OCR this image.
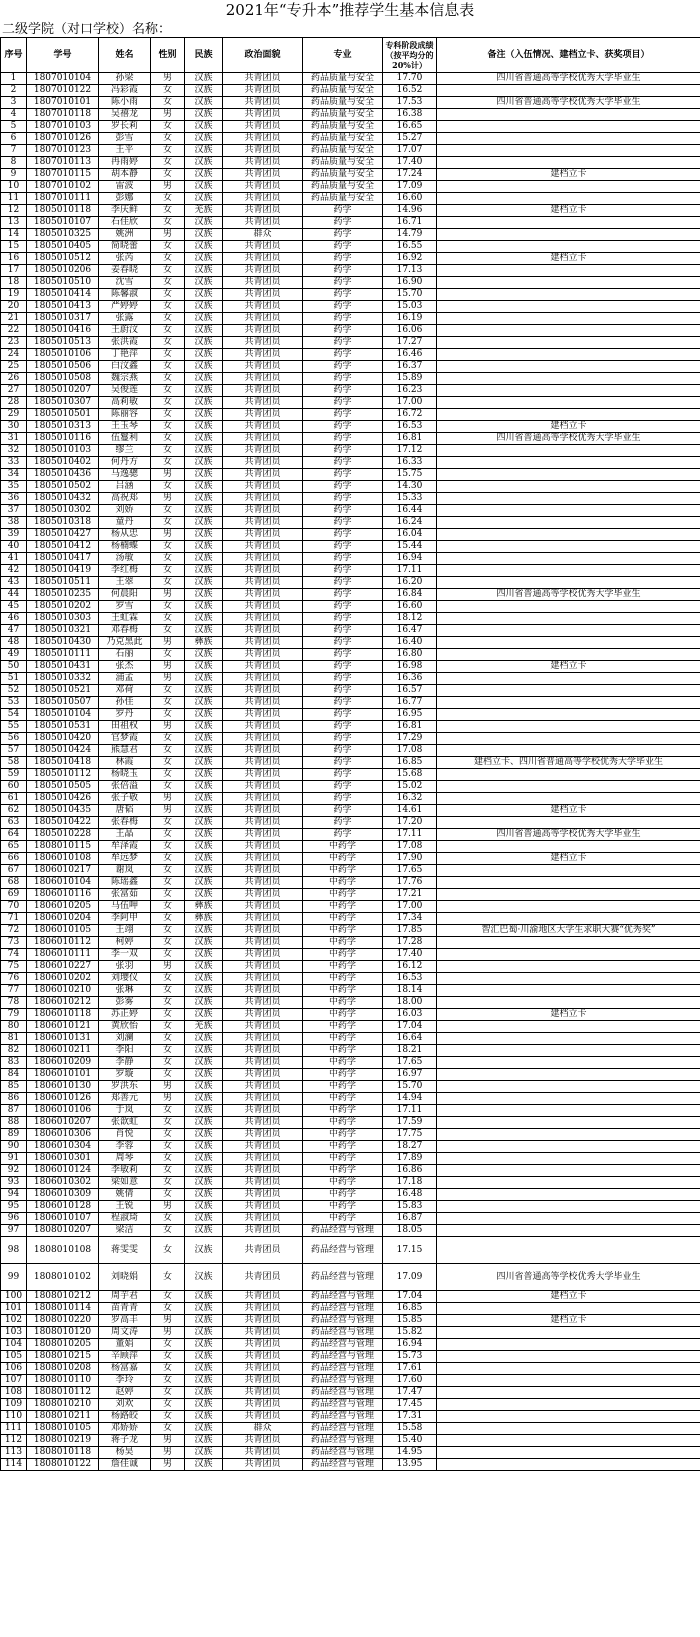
2021年“专升本”推荐学生基本信息表
二级学院（对口学校）名称：
序号	学号	姓名	性别	民族	政治面貌	专业	专科阶段成绩（按平均分的20%计）	备注（入伍情况、建档立卡、获奖项目）
1	1807010104	孙梁	男	汉族	共青团员	药品质量与安全	17.70	四川省普通高等学校优秀大学毕业生
2	1807010122	冯彩霞	女	汉族	共青团员	药品质量与安全	16.52	
3	1807010101	陈小雨	女	汉族	共青团员	药品质量与安全	17.53	四川省普通高等学校优秀大学毕业生
4	1807010118	吴禧龙	男	汉族	共青团员	药品质量与安全	16.38	
5	1807010103	罗长莉	女	汉族	共青团员	药品质量与安全	16.65	
6	1807010126	彭雪	女	汉族	共青团员	药品质量与安全	15.27	
7	1807010123	王平	女	汉族	共青团员	药品质量与安全	17.07	
8	1807010113	冉雨婷	女	汉族	共青团员	药品质量与安全	17.40	
9	1807010115	胡本静	女	汉族	共青团员	药品质量与安全	17.24	建档立卡
10	1807010102	雷波	男	汉族	共青团员	药品质量与安全	17.09	
11	1807010111	彭娜	女	汉族	共青团员	药品质量与安全	16.60	
12	1805010118	李庆鲜	女	羌族	共青团员	药学	14.96	建档立卡
13	1805010107	石佳欣	女	汉族	共青团员	药学	16.71	
14	1805010325	姚洲	男	汉族	群众	药学	14.79	
15	1805010405	简晓蕾	女	汉族	共青团员	药学	16.55	
16	1805010512	张芮	女	汉族	共青团员	药学	16.92	建档立卡
17	1805010206	姜春晓	女	汉族	共青团员	药学	17.13	
18	1805010510	沈雪	女	汉族	共青团员	药学	16.90	
19	1805010414	陈馨淑	女	汉族	共青团员	药学	15.70	
20	1805010413	严婷婷	女	汉族	共青团员	药学	15.03	
21	1805010317	张露	女	汉族	共青团员	药学	16.19	
22	1805010416	王蔚汶	女	汉族	共青团员	药学	16.06	
23	1805010513	张洪霞	女	汉族	共青团员	药学	17.27	
24	1805010106	丁艳萍	女	汉族	共青团员	药学	16.46	
25	1805010506	白汶鑫	女	汉族	共青团员	药学	16.37	
26	1805010508	魏宗燕	女	汉族	共青团员	药学	15.89	
27	1805010207	吴俊莲	女	汉族	共青团员	药学	16.23	
28	1805010307	高莉敏	女	汉族	共青团员	药学	17.00	
29	1805010501	陈丽容	女	汉族	共青团员	药学	16.72	
30	1805010313	王玉琴	女	汉族	共青团员	药学	16.53	建档立卡
31	1805010116	伍鬘利	女	汉族	共青团员	药学	16.81	四川省普通高等学校优秀大学毕业生
32	1805010103	缪兰	女	汉族	共青团员	药学	17.12	
33	1805010402	何丹方	女	汉族	共青团员	药学	16.33	
34	1805010436	马逸骢	男	汉族	共青团员	药学	15.75	
35	1805010502	吕涵	女	汉族	共青团员	药学	14.30	
36	1805010432	高祝郑	男	汉族	共青团员	药学	15.33	
37	1805010302	刘娇	女	汉族	共青团员	药学	16.44	
38	1805010318	童丹	女	汉族	共青团员	药学	16.24	
39	1805010427	杨从忠	男	汉族	共青团员	药学	16.04	
40	1805010412	杨楠蝶	女	汉族	共青团员	药学	15.44	
41	1805010417	汤敏	女	汉族	共青团员	药学	16.94	
42	1805010419	李红梅	女	汉族	共青团员	药学	17.11	
43	1805010511	王翠	女	汉族	共青团员	药学	16.20	
44	1805010235	何晨阳	男	汉族	共青团员	药学	16.84	四川省普通高等学校优秀大学毕业生
45	1805010202	罗雪	女	汉族	共青团员	药学	16.60	
46	1805010303	王虹霖	女	汉族	共青团员	药学	18.12	
47	1805010321	邓春梅	女	汉族	共青团员	药学	16.47	
48	1805010430	乃克黑此	男	彝族	共青团员	药学	16.40	
49	1805010111	石丽	女	汉族	共青团员	药学	16.80	
50	1805010431	张杰	男	汉族	共青团员	药学	16.98	建档立卡
51	1805010332	浦孟	男	汉族	共青团员	药学	16.36	
52	1805010521	邓荷	女	汉族	共青团员	药学	16.57	
53	1805010507	孙佳	女	汉族	共青团员	药学	16.77	
54	1805010104	罗丹	女	汉族	共青团员	药学	16.95	
55	1805010531	田祖权	男	汉族	共青团员	药学	16.81	
56	1805010420	官梦霞	女	汉族	共青团员	药学	17.29	
57	1805010424	熊慧君	女	汉族	共青团员	药学	17.08	
58	1805010418	林霞	女	汉族	共青团员	药学	16.85	建档立卡、四川省普通高等学校优秀大学毕业生
59	1805010112	杨晓玉	女	汉族	共青团员	药学	15.68	
60	1805010505	张倍溢	女	汉族	共青团员	药学	15.02	
61	1805010426	张子敬	男	汉族	共青团员	药学	16.32	
62	1805010435	唐韬	男	汉族	共青团员	药学	14.61	建档立卡
63	1805010422	张春梅	女	汉族	共青团员	药学	17.20	
64	1805010228	王晶	女	汉族	共青团员	药学	17.11	四川省普通高等学校优秀大学毕业生
65	1808010115	牟泽霞	女	汉族	共青团员	中药学	17.08	
66	1806010108	牟远梦	女	汉族	共青团员	中药学	17.90	建档立卡
67	1806010217	谢岚	女	汉族	共青团员	中药学	17.65	
68	1806010104	陈瑶鑫	女	汉族	共青团员	中药学	17.76	
69	1806010116	张富茹	女	汉族	共青团员	中药学	17.21	
70	1806010205	马伍呷	女	彝族	共青团员	中药学	17.00	
71	1806010204	李阿甲	女	彝族	共青团员	中药学	17.34	
72	1806010105	王翊	女	汉族	共青团员	中药学	17.85	智汇巴蜀·川渝地区大学生求职大赛“优秀奖”
73	1806010112	柯婷	女	汉族	共青团员	中药学	17.28	
74	1806010111	李一双	女	汉族	共青团员	中药学	17.40	
75	1806010227	张羽	男	汉族	共青团员	中药学	16.12	
76	1806010202	刘璎仪	女	汉族	共青团员	中药学	16.53	
77	1806010210	张琳	女	汉族	共青团员	中药学	18.14	
78	1806010212	彭雾	女	汉族	共青团员	中药学	18.00	
79	1806010118	苏正婷	女	汉族	共青团员	中药学	16.03	建档立卡
80	1806010121	黄欣怡	女	羌族	共青团员	中药学	17.04	
81	1806010131	刘澜	女	汉族	共青团员	中药学	16.64	
82	1806010211	李阳	女	汉族	共青团员	中药学	18.21	
83	1806010209	李静	女	汉族	共青团员	中药学	17.65	
84	1806010101	罗璇	女	汉族	共青团员	中药学	16.97	
85	1806010130	罗洪东	男	汉族	共青团员	中药学	15.70	
86	1806010126	郑善元	男	汉族	共青团员	中药学	14.94	
87	1806010106	于岚	女	汉族	共青团员	中药学	17.11	
88	1806010207	张歆虹	女	汉族	共青团员	中药学	17.59	
89	1806010306	肖悦	女	汉族	共青团员	中药学	17.75	
90	1806010304	李蓉	女	汉族	共青团员	中药学	18.27	
91	1806010301	周琴	女	汉族	共青团员	中药学	17.89	
92	1806010124	李敏莉	女	汉族	共青团员	中药学	16.86	
93	1806010302	梁如意	女	汉族	共青团员	中药学	17.18	
94	1806010309	姚倩	女	汉族	共青团员	中药学	16.48	
95	1806010128	王锐	男	汉族	共青团员	中药学	15.83	
96	1806010107	程淑琦	女	汉族	共青团员	中药学	16.87	
97	1808010207	梁洁	女	汉族	共青团员	药品经营与管理	18.05	
98	1808010108	蒋雯雯	女	汉族	共青团员	药品经营与管理	17.15	
99	1808010102	刘晓娟	女	汉族	共青团员	药品经营与管理	17.09	四川省普通高等学校优秀大学毕业生
100	1808010212	周芋君	女	汉族	共青团员	药品经营与管理	17.04	建档立卡
101	1808010114	苗青青	女	汉族	共青团员	药品经营与管理	16.85	
102	1808010220	罗高丰	男	汉族	共青团员	药品经营与管理	15.85	建档立卡
103	1808010120	周文涛	男	汉族	共青团员	药品经营与管理	15.82	
104	1808010205	董娟	女	汉族	共青团员	药品经营与管理	16.94	
105	1808010215	辛顾萍	女	汉族	共青团员	药品经营与管理	15.73	
106	1808010208	杨富嘉	女	汉族	共青团员	药品经营与管理	17.61	
107	1808010110	李玲	女	汉族	共青团员	药品经营与管理	17.60	
108	1808010112	赵婷	女	汉族	共青团员	药品经营与管理	17.47	
109	1808010210	刘欢	女	汉族	共青团员	药品经营与管理	17.45	
110	1808010211	杨路皎	女	汉族	共青团员	药品经营与管理	17.31	
111	1808010105	邓娇娇	女	汉族	群众	药品经营与管理	15.58	
112	1808010219	蒋子龙	男	汉族	共青团员	药品经营与管理	15.40	
113	1808010118	杨昊	男	汉族	共青团员	药品经营与管理	14.95	
114	1808010122	詹佳诚	男	汉族	共青团员	药品经营与管理	13.95	
